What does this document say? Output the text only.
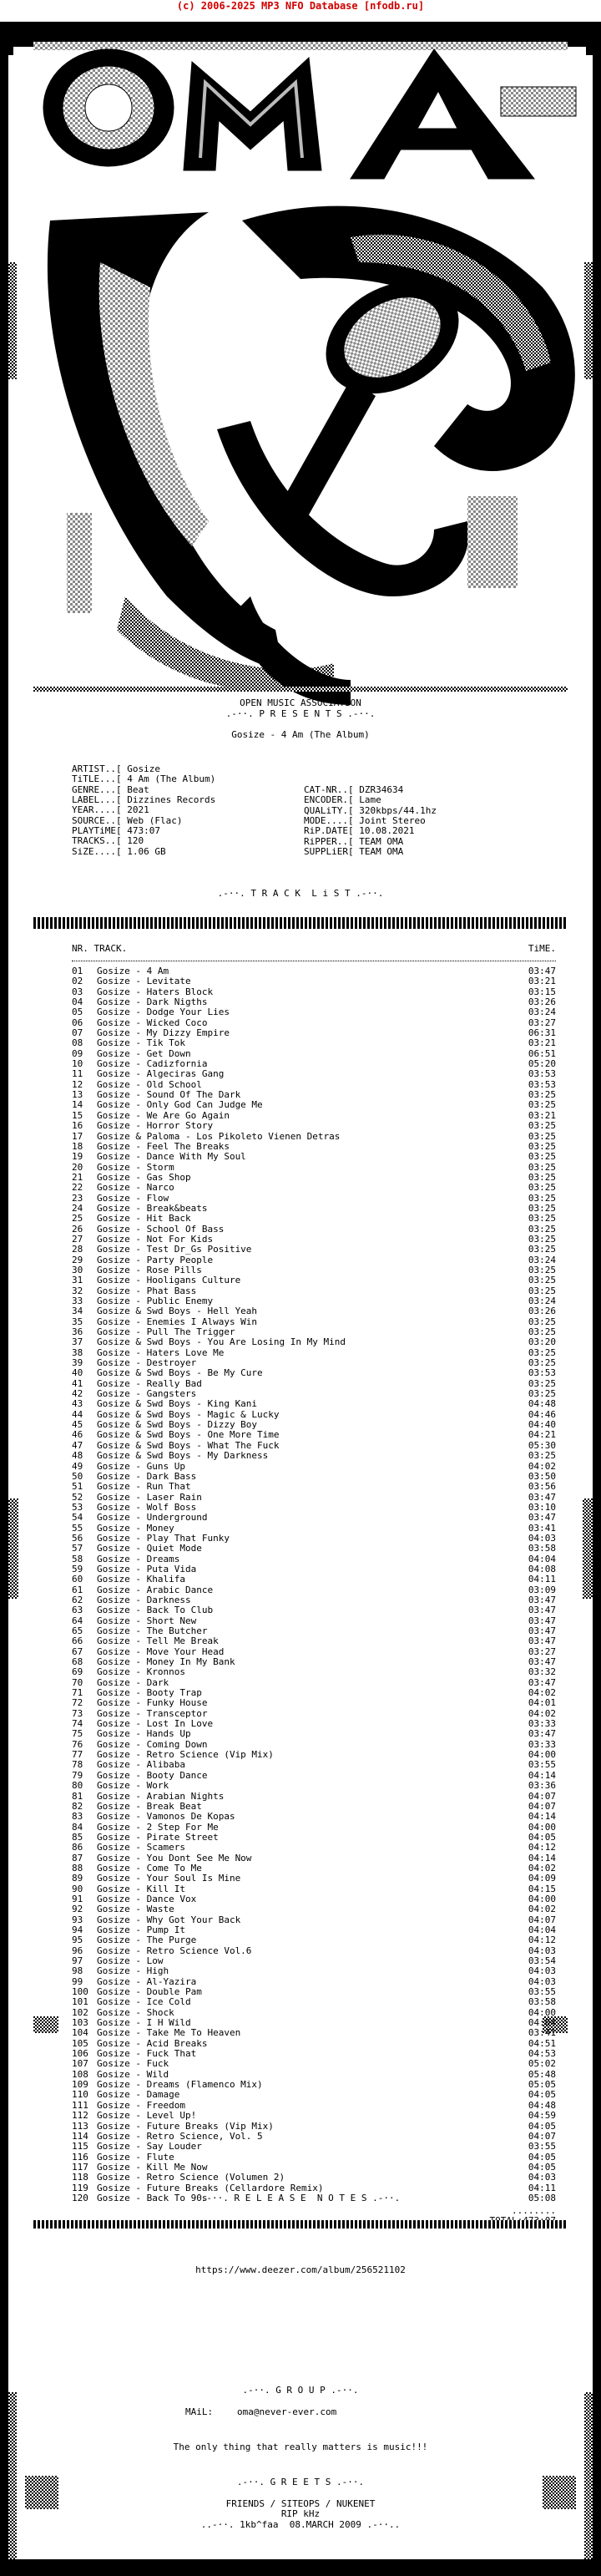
(c) 2006-2025 MP3 NFO Database [nfodb.ru]
MUSiC iS LiFE!!!
OPEN MUSIC ASSOCIATION
.-··. P R E S E N T S .-··.
Gosize - 4 Am (The Album)
ARTIST..[
Gosize
TiTLE...[
4 Am (The Album)
GENRE...[
Beat
LABEL...[
Dizzines Records
YEAR....[
2021
SOURCE..[
Web (Flac)
PLAYTiME[
473:07
TRACKS..[
120
SiZE....[
1.06 GB
CAT-NR..[
DZR34634
ENCODER.[
Lame
QUALiTY.[
320kbps/44.1hz
MODE....[
Joint Stereo
RiP.DATE[
10.08.2021
RiPPER..[
TEAM OMA
SUPPLiER[
TEAM OMA
.-··. T R A C K  L i S T .-··.
NR. TRACK.	TiME.
01	Gosize - 4 Am	03:47
02	Gosize - Levitate	03:21
03	Gosize - Haters Block	03:15
04	Gosize - Dark Nigths	03:26
05	Gosize - Dodge Your Lies	03:24
06	Gosize - Wicked Coco	03:27
07	Gosize - My Dizzy Empire	06:31
08	Gosize - Tik Tok	03:21
09	Gosize - Get Down	06:51
10	Gosize - Cadizfornia	05:20
11	Gosize - Algeciras Gang	03:53
12	Gosize - Old School	03:53
13	Gosize - Sound Of The Dark	03:25
14	Gosize - Only God Can Judge Me	03:25
15	Gosize - We Are Go Again	03:21
16	Gosize - Horror Story	03:25
17	Gosize & Paloma - Los Pikoleto Vienen Detras	03:25
18	Gosize - Feel The Breaks	03:25
19	Gosize - Dance With My Soul	03:25
20	Gosize - Storm	03:25
21	Gosize - Gas Shop	03:25
22	Gosize - Narco	03:25
23	Gosize - Flow	03:25
24	Gosize - Break&beats	03:25
25	Gosize - Hit Back	03:25
26	Gosize - School Of Bass	03:25
27	Gosize - Not For Kids	03:25
28	Gosize - Test Dr_Gs Positive	03:25
29	Gosize - Party People	03:24
30	Gosize - Rose Pills	03:25
31	Gosize - Hooligans Culture	03:25
32	Gosize - Phat Bass	03:25
33	Gosize - Public Enemy	03:24
34	Gosize & Swd Boys - Hell Yeah	03:26
35	Gosize - Enemies I Always Win	03:25
36	Gosize - Pull The Trigger	03:25
37	Gosize & Swd Boys - You Are Losing In My Mind	03:20
38	Gosize - Haters Love Me	03:25
39	Gosize - Destroyer	03:25
40	Gosize & Swd Boys - Be My Cure	03:53
41	Gosize - Really Bad	03:25
42	Gosize - Gangsters	03:25
43	Gosize & Swd Boys - King Kani	04:48
44	Gosize & Swd Boys - Magic & Lucky	04:46
45	Gosize & Swd Boys - Dizzy Boy	04:40
46	Gosize & Swd Boys - One More Time	04:21
47	Gosize & Swd Boys - What The Fuck	05:30
48	Gosize & Swd Boys - My Darkness	03:25
49	Gosize - Guns Up	04:02
50	Gosize - Dark Bass	03:50
51	Gosize - Run That	03:56
52	Gosize - Laser Rain	03:47
53	Gosize - Wolf Boss	03:10
54	Gosize - Underground	03:47
55	Gosize - Money	03:41
56	Gosize - Play That Funky	04:03
57	Gosize - Quiet Mode	03:58
58	Gosize - Dreams	04:04
59	Gosize - Puta Vida	04:08
60	Gosize - Khalifa	04:11
61	Gosize - Arabic Dance	03:09
62	Gosize - Darkness	03:47
63	Gosize - Back To Club	03:47
64	Gosize - Short New	03:47
65	Gosize - The Butcher	03:47
66	Gosize - Tell Me Break	03:47
67	Gosize - Move Your Head	03:27
68	Gosize - Money In My Bank	03:47
69	Gosize - Kronnos	03:32
70	Gosize - Dark	03:47
71	Gosize - Booty Trap	04:02
72	Gosize - Funky House	04:01
73	Gosize - Transceptor	04:02
74	Gosize - Lost In Love	03:33
75	Gosize - Hands Up	03:47
76	Gosize - Coming Down	03:33
77	Gosize - Retro Science (Vip Mix)	04:00
78	Gosize - Alibaba	03:55
79	Gosize - Booty Dance	04:14
80	Gosize - Work	03:36
81	Gosize - Arabian Nights	04:07
82	Gosize - Break Beat	04:07
83	Gosize - Vamonos De Kopas	04:14
84	Gosize - 2 Step For Me	04:00
85	Gosize - Pirate Street	04:05
86	Gosize - Scamers	04:12
87	Gosize - You Dont See Me Now	04:14
88	Gosize - Come To Me	04:02
89	Gosize - Your Soul Is Mine	04:09
90	Gosize - Kill It	04:15
91	Gosize - Dance Vox	04:00
92	Gosize - Waste	04:02
93	Gosize - Why Got Your Back	04:07
94	Gosize - Pump It	04:04
95	Gosize - The Purge	04:12
96	Gosize - Retro Science Vol.6	04:03
97	Gosize - Low	03:54
98	Gosize - High	04:03
99	Gosize - Al-Yazira	04:03
100 Gosize - Double Pam	03:55
101 Gosize - Ice Cold	03:58
102 Gosize - Shock	04:00
103 Gosize - I H Wild	04:04
104 Gosize - Take Me To Heaven	03:41
105 Gosize - Acid Breaks	04:51
106 Gosize - Fuck That	04:53
107 Gosize - Fuck	05:02
108 Gosize - Wild	05:48
109 Gosize - Dreams (Flamenco Mix)	05:05
110 Gosize - Damage	04:05
111 Gosize - Freedom	04:48
112 Gosize - Level Up!	04:59
113 Gosize - Future Breaks (Vip Mix)	04:05
114 Gosize - Retro Science, Vol. 5	04:07
115 Gosize - Say Louder	03:55
116 Gosize - Flute	04:05
117 Gosize - Kill Me Now	04:05
118 Gosize - Retro Science (Volumen 2)	04:03
119 Gosize - Future Breaks (Cellardore Remix)	04:11
120 Gosize - Back To 90s	05:08
........
.-··. R E L E A S E  N O T E S .-··.
https://www.deezer.com/album/256521102
.-··. G R O U P .-··.
MAiL:	oma@never-ever.com
The only thing that really matters is music!!!
.-··. G R E E T S .-··.
FRIENDS / SITEOPS / NUKENET
RIP kHz
..-··. 1kb^faa  08.MARCH 2009 .-··..
